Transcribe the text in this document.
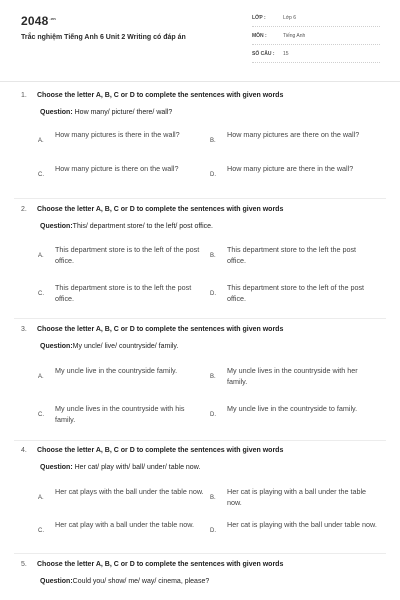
$2048^{.vn}$
Trắc nghiệm Tiếng Anh 6 Unit 2 Writing có đáp án
LỚP :	Lớp 6
MÔN :	Tiếng Anh
SỐ CÂU : 15
1. Choose the letter A, B, C or D to complete the sentences with given words
Question: How many/ picture/ there/ wall?
A.
How many pictures is there in the wall?
B.
How many pictures are there on the wall?
C.
How many picture is there on the wall?
D.
How many picture are there in the wall?
2. Choose the letter A, B, C or D to complete the sentences with given words
Question:This/ department store/ to the left/ post office.
A.
This department store is to the left of the post office.	B.
This department store to the left the post office.
C.
This department store is to the left the post office.	D.
This department store to the left of the post office.
3. Choose the letter A, B, C or D to complete the sentences with given words
Question:My uncle/ live/ countryside/ family.
A.
My uncle live in the countryside family.
B.
My uncle lives in the countryside with her family.
C.
My uncle lives in the countryside with his family.	D.
My uncle live in the countryside to family.
4. Choose the letter A, B, C or D to complete the sentences with given words
Question: Her cat/ play with/ ball/ under/ table now.
A.
Her cat plays with the ball under the table now.
B.
Her cat is playing with a ball under the table now.
C.
Her cat play with a ball under the table now.
D.
Her cat is playing with the ball under table now.
5. Choose the letter A, B, C or D to complete the sentences with given words
Question:Could you/ show/ me/ way/ cinema, please?
